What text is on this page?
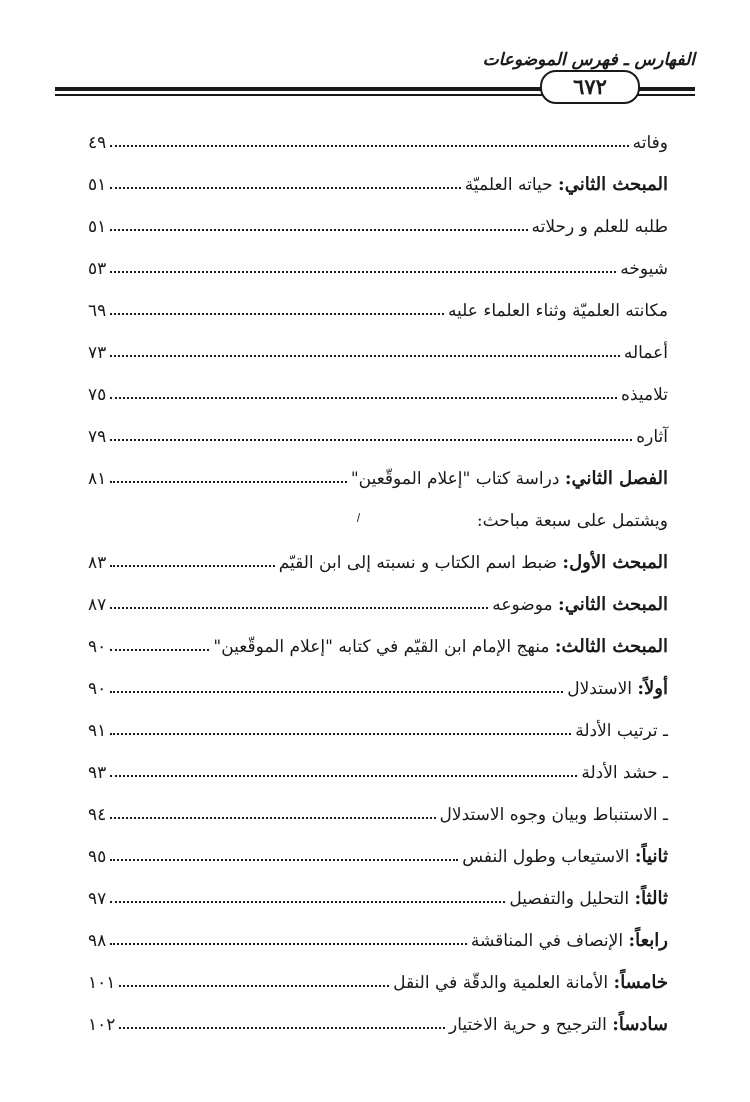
الفهارس ـ فهرس الموضوعات
٦٧٢
وفاته
٤٩
المبحث الثاني: حياته العلميّة
٥١
طلبه للعلم و رحلاته
٥١
شيوخه
٥٣
مكانته العلميّة وثناء العلماء عليه
٦٩
أعماله
٧٣
تلاميذه
٧٥
آثاره
٧٩
الفصل الثاني: دراسة كتاب "إعلام الموقّعين"
٨١
ويشتمل على سبعة مباحث:
المبحث الأول: ضبط اسم الكتاب و نسبته إلى ابن القيّم
٨٣
المبحث الثاني: موضوعه
٨٧
المبحث الثالث: منهج الإمام ابن القيّم في كتابه "إعلام الموقّعين"
٩٠
أولاً: الاستدلال
٩٠
ـ ترتيب الأدلة
٩١
ـ حشد الأدلة
٩٣
ـ الاستنباط وبيان وجوه الاستدلال
٩٤
ثانياً: الاستيعاب وطول النفس
٩٥
ثالثاً: التحليل والتفصيل
٩٧
رابعاً: الإنصاف في المناقشة
٩٨
خامساً: الأمانة العلمية والدقّة في النقل
١٠١
سادساً: الترجيح و حرية الاختيار
١٠٢
